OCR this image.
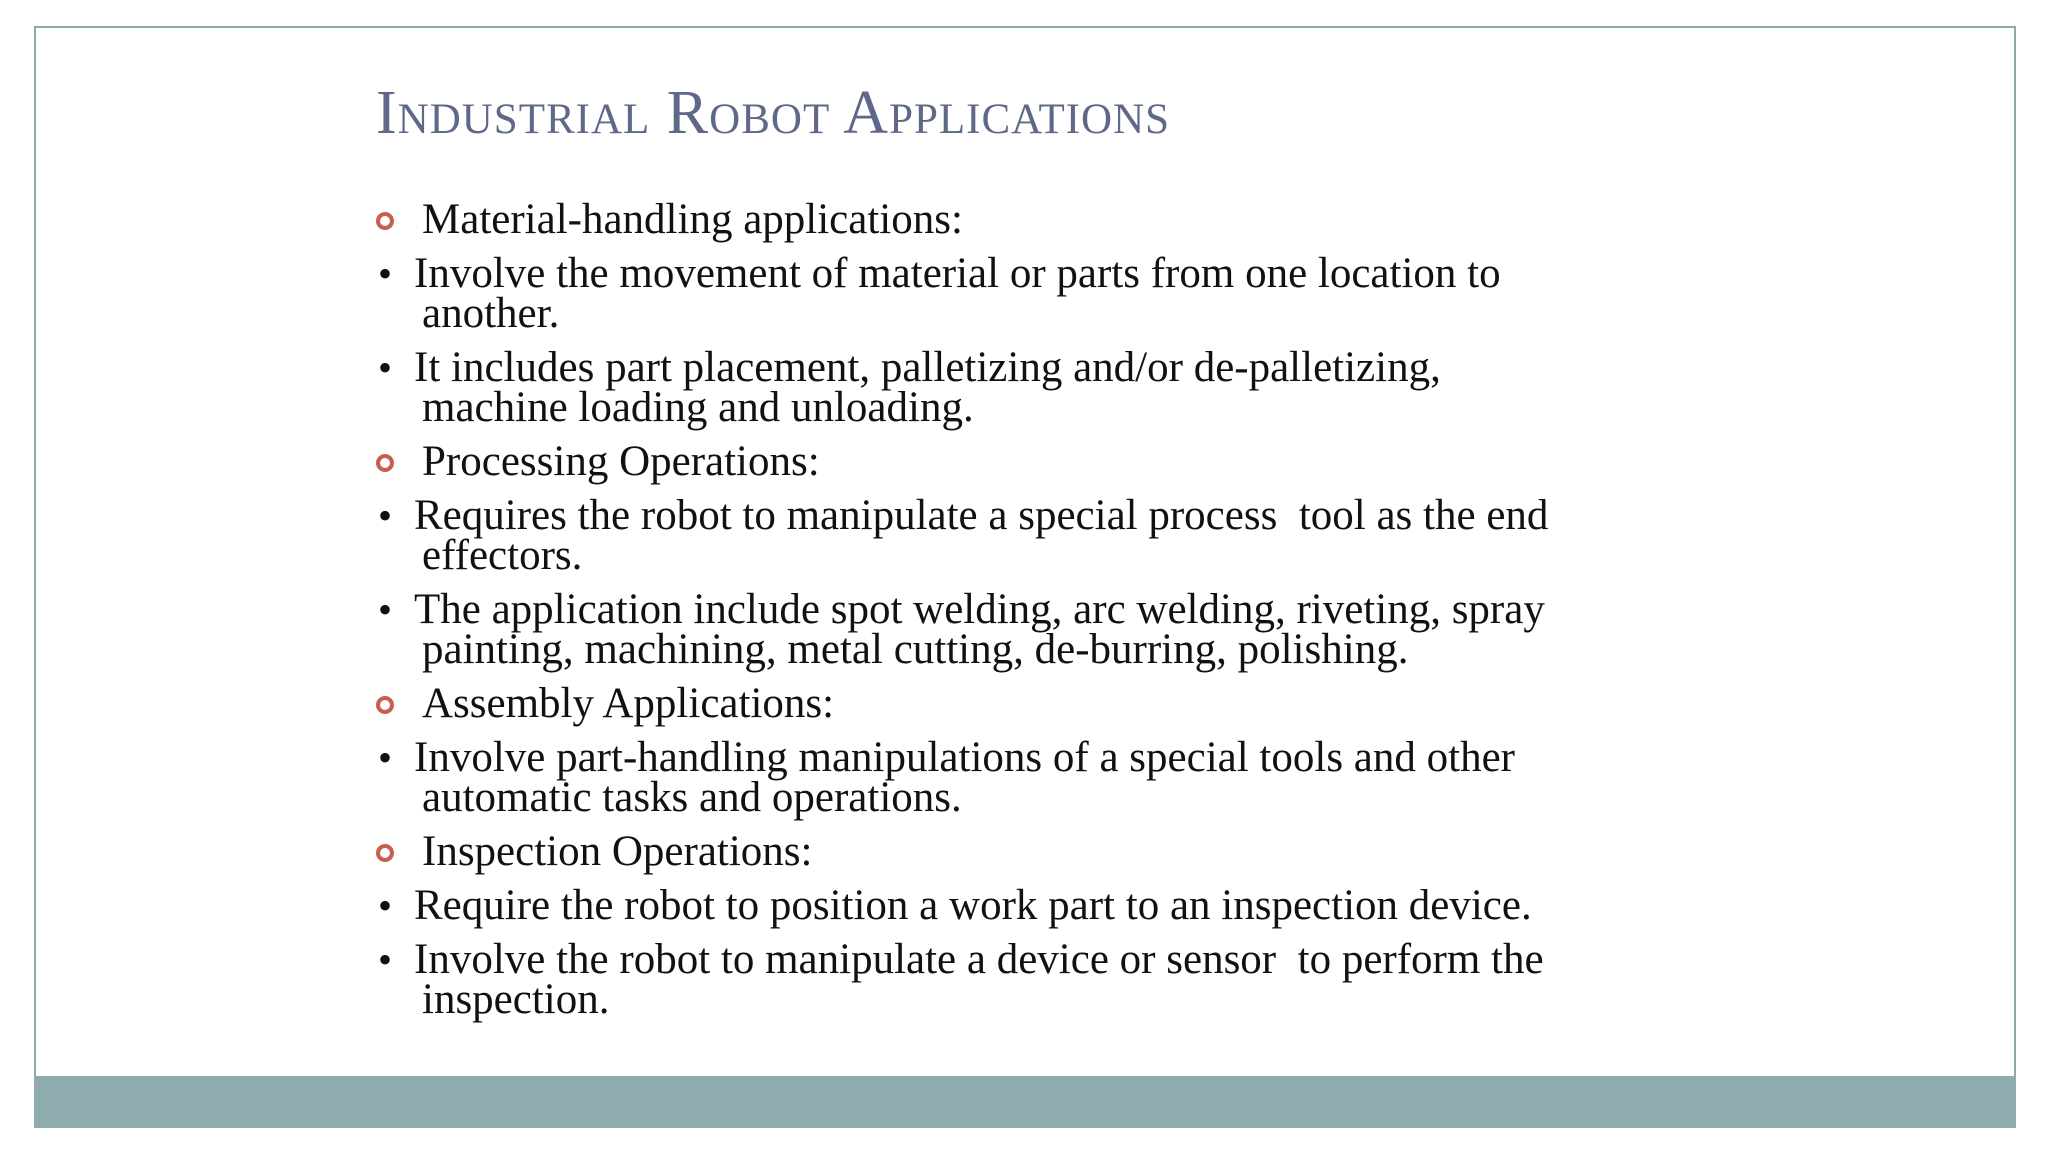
Industrial Robot Applications
Material-handling applications:
• Involve the movement of material or parts from one location to
another.
• It includes part placement, palletizing and/or de-palletizing,
machine loading and unloading.
Processing Operations:
• Requires the robot to manipulate a special process  tool as the end
effectors.
• The application include spot welding, arc welding, riveting, spray
painting, machining, metal cutting, de-burring, polishing.
Assembly Applications:
• Involve part-handling manipulations of a special tools and other
automatic tasks and operations.
Inspection Operations:
• Require the robot to position a work part to an inspection device.
• Involve the robot to manipulate a device or sensor  to perform the
inspection.
